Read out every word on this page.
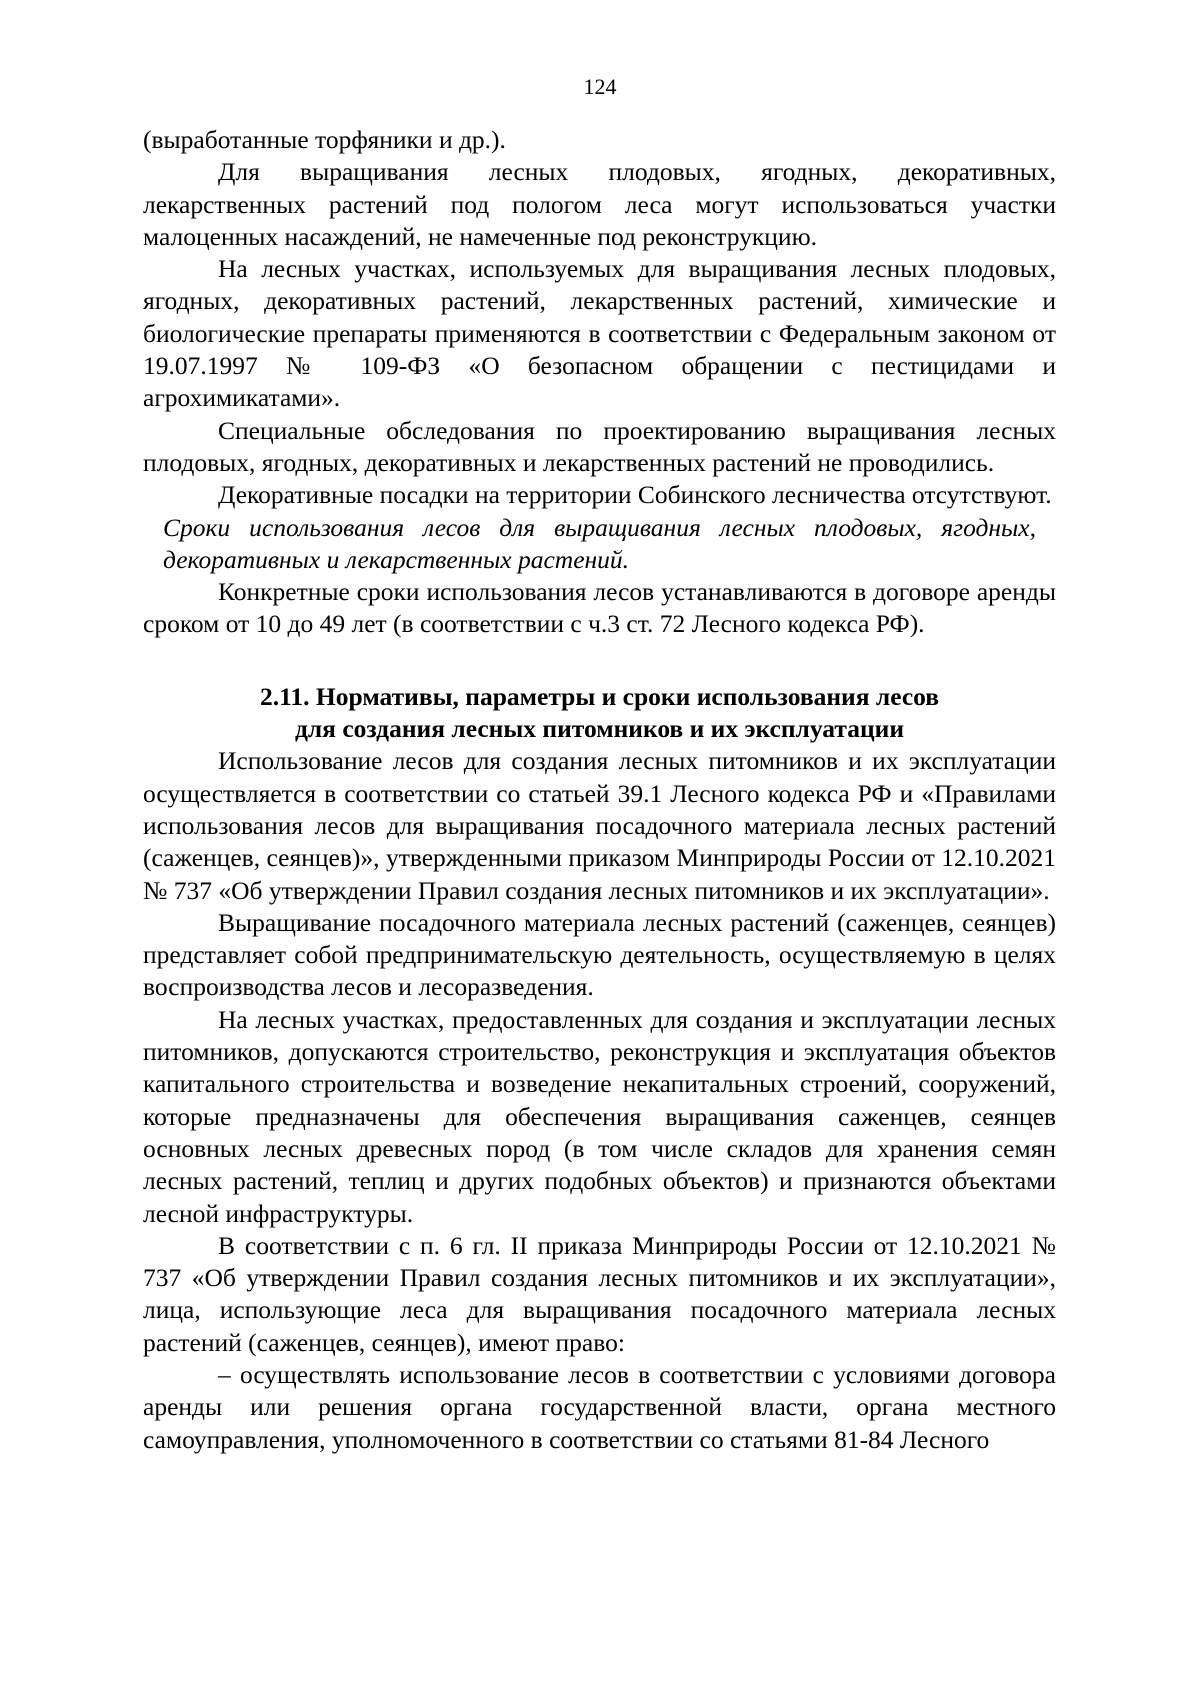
124

(выработанные торфяники и др.).

Для выращивания лесных плодовых, ягодных, декоративных, лекарственных растений под пологом леса могут использоваться участки малоценных насаждений, не намеченные под реконструкцию.

На лесных участках, используемых для выращивания лесных плодовых, ягодных, декоративных растений, лекарственных растений, химические и биологические препараты применяются в соответствии с Федеральным законом от 19.07.1997 № 109-ФЗ «О безопасном обращении с пестицидами и агрохимикатами».

Специальные обследования по проектированию выращивания лесных плодовых, ягодных, декоративных и лекарственных растений не проводились.

Декоративные посадки на территории Собинского лесничества отсутствуют.

Сроки использования лесов для выращивания лесных плодовых, ягодных, декоративных и лекарственных растений.

Конкретные сроки использования лесов устанавливаются в договоре аренды сроком от 10 до 49 лет (в соответствии с ч.3 ст. 72 Лесного кодекса РФ).

2.11. Нормативы, параметры и сроки использования лесов
для создания лесных питомников и их эксплуатации

Использование лесов для создания лесных питомников и их эксплуатации осуществляется в соответствии со статьей 39.1 Лесного кодекса РФ и «Правилами использования лесов для выращивания посадочного материала лесных растений (саженцев, сеянцев)», утвержденными приказом Минприроды России от 12.10.2021 № 737 «Об утверждении Правил создания лесных питомников и их эксплуатации».

Выращивание посадочного материала лесных растений (саженцев, сеянцев) представляет собой предпринимательскую деятельность, осуществляемую в целях воспроизводства лесов и лесоразведения.

На лесных участках, предоставленных для создания и эксплуатации лесных питомников, допускаются строительство, реконструкция и эксплуатация объектов капитального строительства и возведение некапитальных строений, сооружений, которые предназначены для обеспечения выращивания саженцев, сеянцев основных лесных древесных пород (в том числе складов для хранения семян лесных растений, теплиц и других подобных объектов) и признаются объектами лесной инфраструктуры.

В соответствии с п. 6 гл. II приказа Минприроды России от 12.10.2021 № 737 «Об утверждении Правил создания лесных питомников и их эксплуатации», лица, использующие леса для выращивания посадочного материала лесных растений (саженцев, сеянцев), имеют право:

– осуществлять использование лесов в соответствии с условиями договора аренды или решения органа государственной власти, органа местного самоуправления, уполномоченного в соответствии со статьями 81-84 Лесного
